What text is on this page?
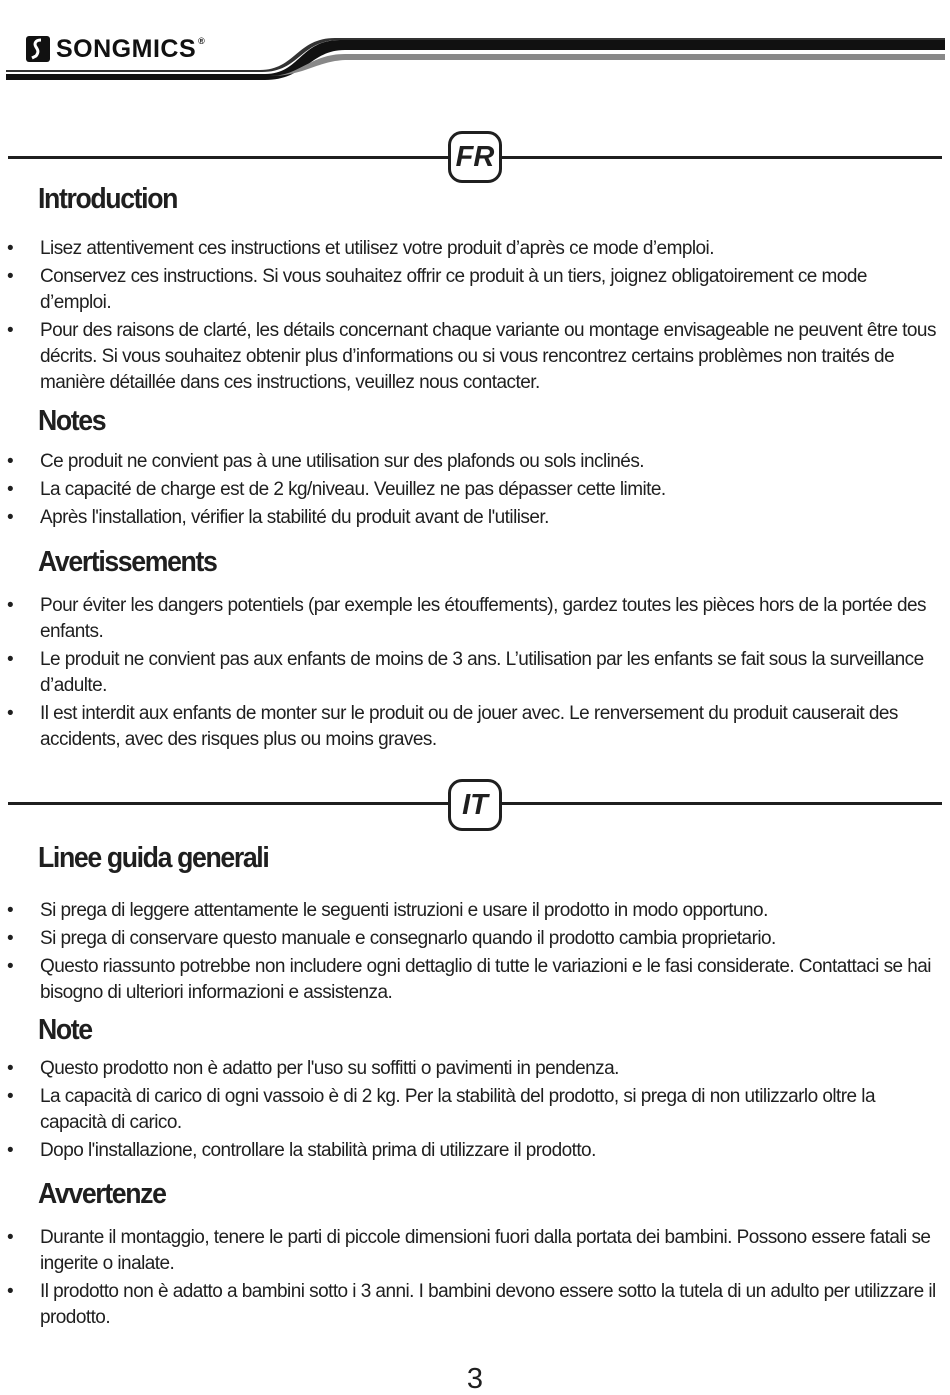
SONGMICS ®
FR
Introduction
• Lisez attentivement ces instructions et utilisez votre produit d’après ce mode d’emploi.
• Conservez ces instructions. Si vous souhaitez offrir ce produit à un tiers, joignez obligatoirement ce mode d’emploi.
• Pour des raisons de clarté, les détails concernant chaque variante ou montage envisageable ne peuvent être tous décrits. Si vous souhaitez obtenir plus d’informations ou si vous rencontrez certains problèmes non traités de manière détaillée dans ces instructions, veuillez nous contacter.
Notes
• Ce produit ne convient pas à une utilisation sur des plafonds ou sols inclinés.
• La capacité de charge est de 2 kg/niveau. Veuillez ne pas dépasser cette limite.
• Après l'installation, vérifier la stabilité du produit avant de l'utiliser.
Avertissements
• Pour éviter les dangers potentiels (par exemple les étouffements), gardez toutes les pièces hors de la portée des enfants.
• Le produit ne convient pas aux enfants de moins de 3 ans. L’utilisation par les enfants se fait sous la surveillance d’adulte.
• Il est interdit aux enfants de monter sur le produit ou de jouer avec. Le renversement du produit causerait des accidents, avec des risques plus ou moins graves.
IT
Linee guida generali
• Si prega di leggere attentamente le seguenti istruzioni e usare il prodotto in modo opportuno.
• Si prega di conservare questo manuale e consegnarlo quando il prodotto cambia proprietario.
• Questo riassunto potrebbe non includere ogni dettaglio di tutte le variazioni e le fasi considerate. Contattaci se hai bisogno di ulteriori informazioni e assistenza.
Note
• Questo prodotto non è adatto per l'uso su soffitti o pavimenti in pendenza.
• La capacità di carico di ogni vassoio è di 2 kg. Per la stabilità del prodotto, si prega di non utilizzarlo oltre la capacità di carico.
• Dopo l'installazione, controllare la stabilità prima di utilizzare il prodotto.
Avvertenze
• Durante il montaggio, tenere le parti di piccole dimensioni fuori dalla portata dei bambini. Possono essere fatali se ingerite o inalate.
• Il prodotto non è adatto a bambini sotto i 3 anni. I bambini devono essere sotto la tutela di un adulto per utilizzare il prodotto.
3
